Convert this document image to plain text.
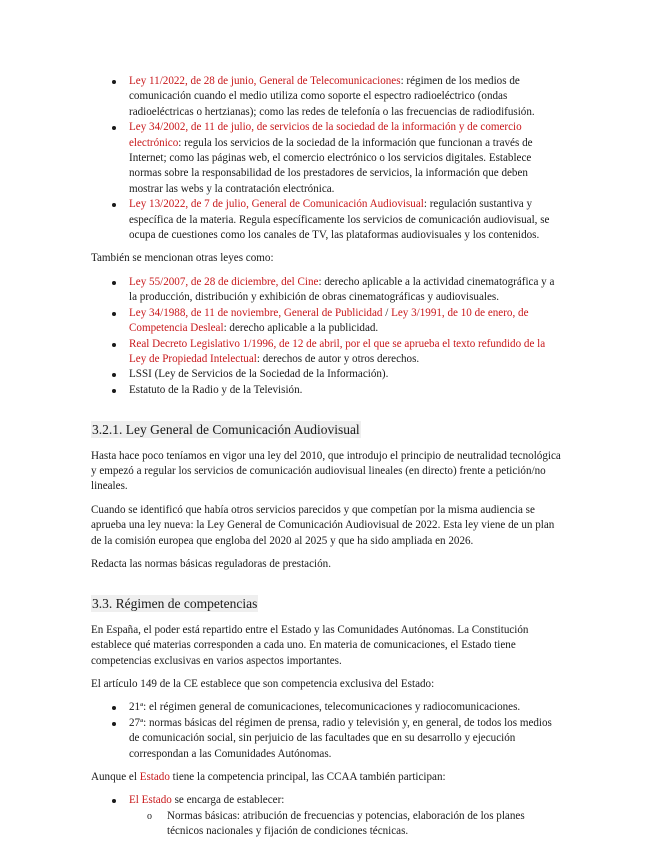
Ley 11/2022, de 28 de junio, General de Telecomunicaciones: régimen de los medios de comunicación cuando el medio utiliza como soporte el espectro radioeléctrico (ondas radioeléctricas o hertzianas); como las redes de telefonía o las frecuencias de radiodifusión.
Ley 34/2002, de 11 de julio, de servicios de la sociedad de la información y de comercio electrónico: regula los servicios de la sociedad de la información que funcionan a través de Internet; como las páginas web, el comercio electrónico o los servicios digitales. Establece normas sobre la responsabilidad de los prestadores de servicios, la información que deben mostrar las webs y la contratación electrónica.
Ley 13/2022, de 7 de julio, General de Comunicación Audiovisual: regulación sustantiva y específica de la materia. Regula específicamente los servicios de comunicación audiovisual, se ocupa de cuestiones como los canales de TV, las plataformas audiovisuales y los contenidos.

También se mencionan otras leyes como:

Ley 55/2007, de 28 de diciembre, del Cine: derecho aplicable a la actividad cinematográfica y a la producción, distribución y exhibición de obras cinematográficas y audiovisuales.
Ley 34/1988, de 11 de noviembre, General de Publicidad / Ley 3/1991, de 10 de enero, de Competencia Desleal: derecho aplicable a la publicidad.
Real Decreto Legislativo 1/1996, de 12 de abril, por el que se aprueba el texto refundido de la Ley de Propiedad Intelectual: derechos de autor y otros derechos.
LSSI (Ley de Servicios de la Sociedad de la Información).
Estatuto de la Radio y de la Televisión.
3.2.1. Ley General de Comunicación Audiovisual

Hasta hace poco teníamos en vigor una ley del 2010, que introdujo el principio de neutralidad tecnológica y empezó a regular los servicios de comunicación audiovisual lineales (en directo) frente a petición/no lineales.

Cuando se identificó que había otros servicios parecidos y que competían por la misma audiencia se aprueba una ley nueva: la Ley General de Comunicación Audiovisual de 2022. Esta ley viene de un plan de la comisión europea que engloba del 2020 al 2025 y que ha sido ampliada en 2026.

Redacta las normas básicas reguladoras de prestación.

3.3. Régimen de competencias

En España, el poder está repartido entre el Estado y las Comunidades Autónomas. La Constitución establece qué materias corresponden a cada uno. En materia de comunicaciones, el Estado tiene competencias exclusivas en varios aspectos importantes.

El artículo 149 de la CE establece que son competencia exclusiva del Estado:

21ª: el régimen general de comunicaciones, telecomunicaciones y radiocomunicaciones.
27ª: normas básicas del régimen de prensa, radio y televisión y, en general, de todos los medios de comunicación social, sin perjuicio de las facultades que en su desarrollo y ejecución correspondan a las Comunidades Autónomas.

Aunque el Estado tiene la competencia principal, las CCAA también participan:

El Estado se encarga de establecer:
o Normas básicas: atribución de frecuencias y potencias, elaboración de los planes técnicos nacionales y fijación de condiciones técnicas.
